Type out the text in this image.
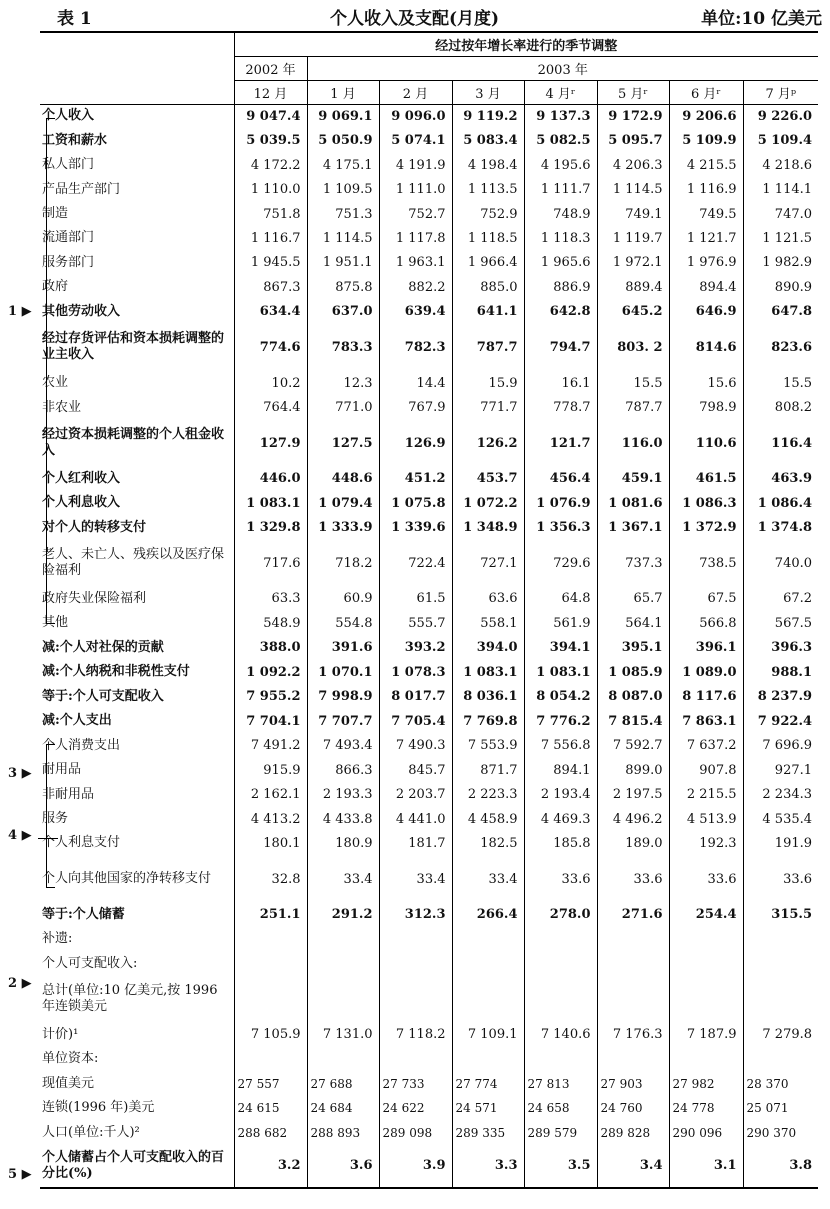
表 1	个人收入及支配(月度)	单位:10 亿美元
	经过按年增长率进行的季节调整							
	2002 年	2003 年						
	12 月	1 月	2 月	3 月	4 月ʳ	5 月ʳ	6 月ʳ	7 月ᵖ
个人收入	9 047.4	9 069.1	9 096.0	9 119.2	9 137.3	9 172.9	9 206.6	9 226.0
工资和薪水	5 039.5	5 050.9	5 074.1	5 083.4	5 082.5	5 095.7	5 109.9	5 109.4
私人部门	4 172.2	4 175.1	4 191.9	4 198.4	4 195.6	4 206.3	4 215.5	4 218.6
产品生产部门	1 110.0	1 109.5	1 111.0	1 113.5	1 111.7	1 114.5	1 116.9	1 114.1
制造	751.8	751.3	752.7	752.9	748.9	749.1	749.5	747.0
流通部门	1 116.7	1 114.5	1 117.8	1 118.5	1 118.3	1 119.7	1 121.7	1 121.5
服务部门	1 945.5	1 951.1	1 963.1	1 966.4	1 965.6	1 972.1	1 976.9	1 982.9
政府	867.3	875.8	882.2	885.0	886.9	889.4	894.4	890.9
其他劳动收入	634.4	637.0	639.4	641.1	642.8	645.2	646.9	647.8
经过存货评估和资本损耗调整的业主收入	774.6	783.3	782.3	787.7	794.7	803. 2	814.6	823.6
农业	10.2	12.3	14.4	15.9	16.1	15.5	15.6	15.5
非农业	764.4	771.0	767.9	771.7	778.7	787.7	798.9	808.2
经过资本损耗调整的个人租金收入	127.9	127.5	126.9	126.2	121.7	116.0	110.6	116.4
个人红利收入	446.0	448.6	451.2	453.7	456.4	459.1	461.5	463.9
个人利息收入	1 083.1	1 079.4	1 075.8	1 072.2	1 076.9	1 081.6	1 086.3	1 086.4
对个人的转移支付	1 329.8	1 333.9	1 339.6	1 348.9	1 356.3	1 367.1	1 372.9	1 374.8
老人、未亡人、残疾以及医疗保险福利	717.6	718.2	722.4	727.1	729.6	737.3	738.5	740.0
政府失业保险福利	63.3	60.9	61.5	63.6	64.8	65.7	67.5	67.2
其他	548.9	554.8	555.7	558.1	561.9	564.1	566.8	567.5
减:个人对社保的贡献	388.0	391.6	393.2	394.0	394.1	395.1	396.1	396.3
减:个人纳税和非税性支付	1 092.2	1 070.1	1 078.3	1 083.1	1 083.1	1 085.9	1 089.0	988.1
等于:个人可支配收入	7 955.2	7 998.9	8 017.7	8 036.1	8 054.2	8 087.0	8 117.6	8 237.9
减:个人支出	7 704.1	7 707.7	7 705.4	7 769.8	7 776.2	7 815.4	7 863.1	7 922.4
个人消费支出	7 491.2	7 493.4	7 490.3	7 553.9	7 556.8	7 592.7	7 637.2	7 696.9
耐用品	915.9	866.3	845.7	871.7	894.1	899.0	907.8	927.1
非耐用品	2 162.1	2 193.3	2 203.7	2 223.3	2 193.4	2 197.5	2 215.5	2 234.3
服务	4 413.2	4 433.8	4 441.0	4 458.9	4 469.3	4 496.2	4 513.9	4 535.4
个人利息支付	180.1	180.9	181.7	182.5	185.8	189.0	192.3	191.9
个人向其他国家的净转移支付	32.8	33.4	33.4	33.4	33.6	33.6	33.6	33.6
等于:个人储蓄	251.1	291.2	312.3	266.4	278.0	271.6	254.4	315.5
补遗:								
个人可支配收入:								
总计(单位:10 亿美元,按 1996 年连锁美元								
计价)¹	7 105.9	7 131.0	7 118.2	7 109.1	7 140.6	7 176.3	7 187.9	7 279.8
单位资本:								
现值美元	27 557	27 688	27 733	27 774	27 813	27 903	27 982	28 370
连锁(1996 年)美元	24 615	24 684	24 622	24 571	24 658	24 760	24 778	25 071
人口(单位:千人)²	288 682	288 893	289 098	289 335	289 579	289 828	290 096	290 370
个人储蓄占个人可支配收入的百分比(%)	3.2	3.6	3.9	3.3	3.5	3.4	3.1	3.8
1 ▶
2 ▶
3 ▶
4 ▶
5 ▶
